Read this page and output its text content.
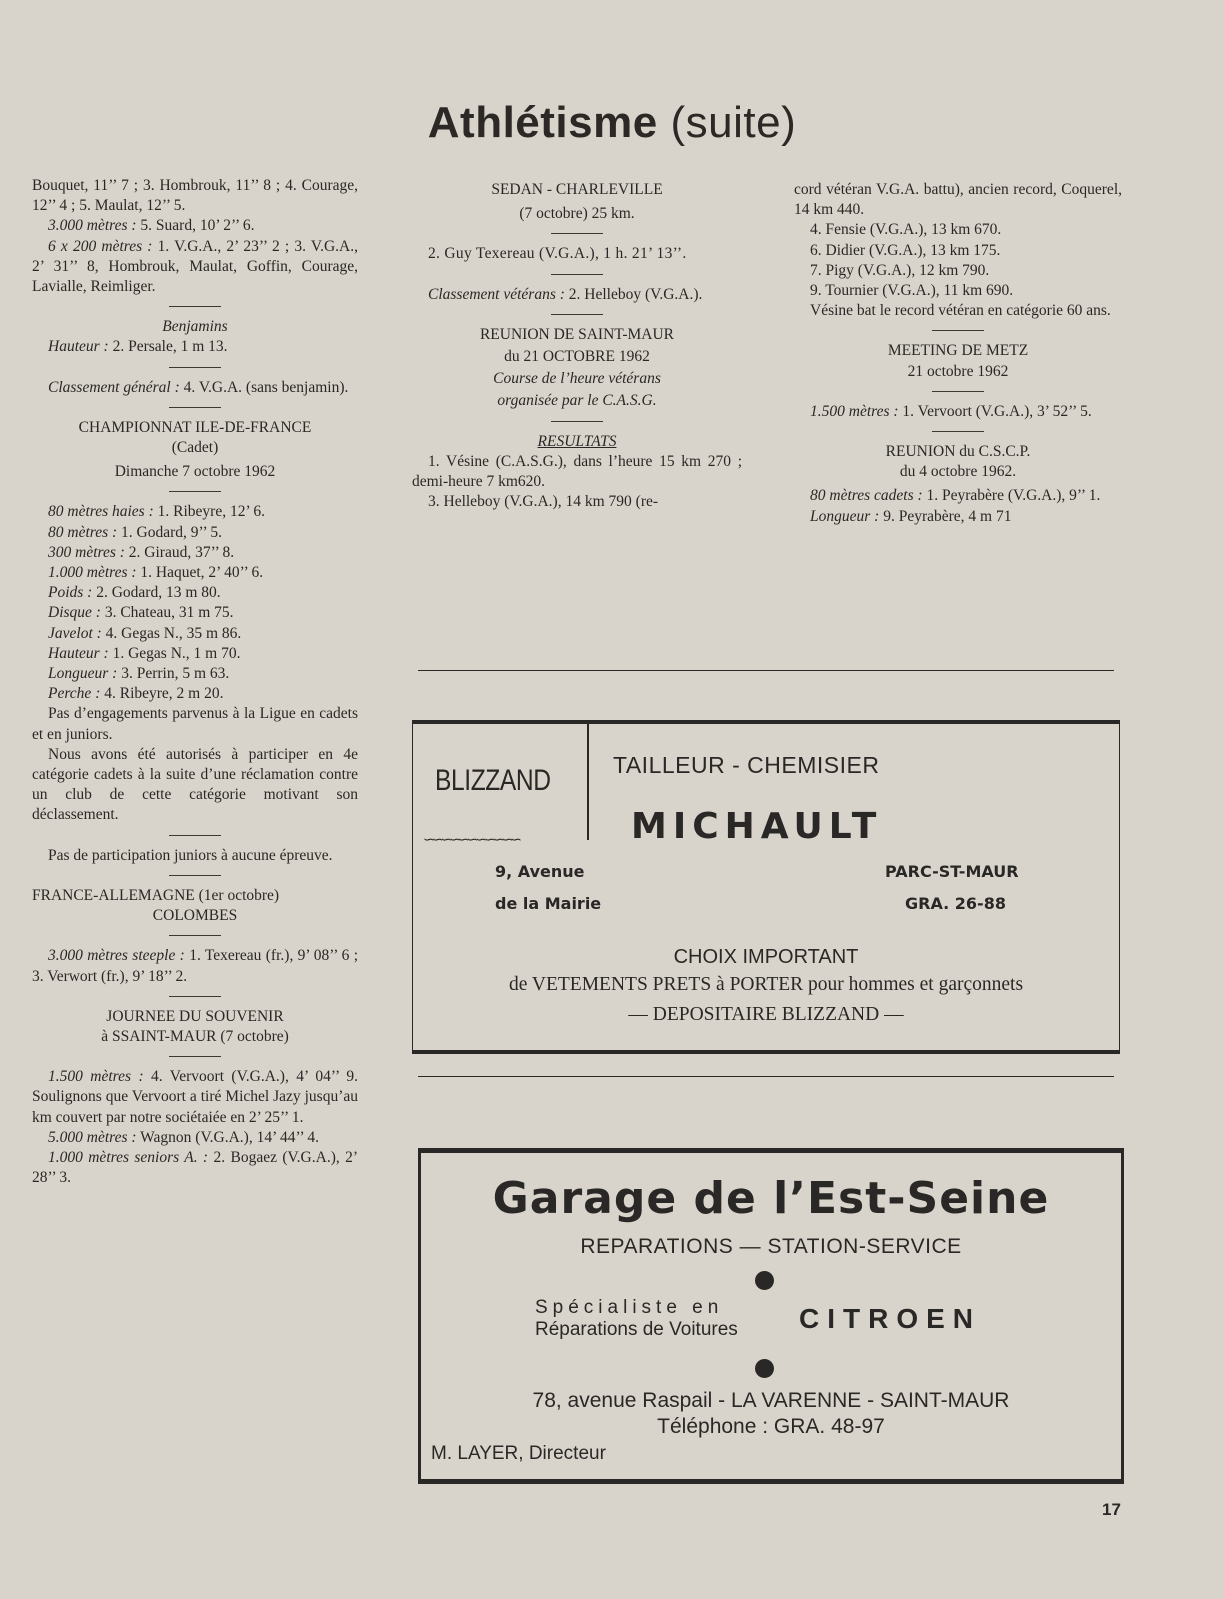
Athlétisme (suite)

Bouquet, 11’’ 7 ; 3. Hombrouk, 11’’ 8 ; 4. Courage, 12’’ 4 ; 5. Maulat, 12’’ 5.

3.000 mètres : 5. Suard, 10’ 2’’ 6.

6 x 200 mètres : 1. V.G.A., 2’ 23’’ 2 ; 3. V.G.A., 2’ 31’’ 8, Hombrouk, Maulat, Goffin, Courage, Lavialle, Reimliger.

Benjamins

Hauteur : 2. Persale, 1 m 13.

Classement général : 4. V.G.A. (sans benjamin).

CHAMPIONNAT ILE-DE-FRANCE

(Cadet)

Dimanche 7 octobre 1962

80 mètres haies : 1. Ribeyre, 12’ 6.

80 mètres : 1. Godard, 9’’ 5.

300 mètres : 2. Giraud, 37’’ 8.

1.000 mètres : 1. Haquet, 2’ 40’’ 6.

Poids : 2. Godard, 13 m 80.

Disque : 3. Chateau, 31 m 75.

Javelot : 4. Gegas N., 35 m 86.

Hauteur : 1. Gegas N., 1 m 70.

Longueur : 3. Perrin, 5 m 63.

Perche : 4. Ribeyre, 2 m 20.

Pas d’engagements parvenus à la Ligue en cadets et en juniors.

Nous avons été autorisés à participer en 4e catégorie cadets à la suite d’une réclamation contre un club de cette catégorie motivant son déclassement.

Pas de participation juniors à aucune épreuve.

FRANCE-ALLEMAGNE (1er octobre)

COLOMBES

3.000 mètres steeple : 1. Texereau (fr.), 9’ 08’’ 6 ; 3. Verwort (fr.), 9’ 18’’ 2.

JOURNEE DU SOUVENIR

à SSAINT-MAUR (7 octobre)

1.500 mètres : 4. Vervoort (V.G.A.), 4’ 04’’ 9. Soulignons que Vervoort a tiré Michel Jazy jusqu’au km couvert par notre sociétaiée en 2’ 25’’ 1.

5.000 mètres : Wagnon (V.G.A.), 14’ 44’’ 4.

1.000 mètres seniors A. : 2. Bogaez (V.G.A.), 2’ 28’’ 3.

SEDAN - CHARLEVILLE

(7 octobre) 25 km.

2. Guy Texereau (V.G.A.), 1 h. 21’ 13’’.

Classement vétérans : 2. Helleboy (V.G.A.).

REUNION DE SAINT-MAUR

du 21 OCTOBRE 1962

Course de l’heure vétérans

organisée par le C.A.S.G.

RESULTATS

1. Vésine (C.A.S.G.), dans l’heure 15 km 270 ; demi-heure 7 km620.

3. Helleboy (V.G.A.), 14 km 790 (re-

cord vétéran V.G.A. battu), ancien record, Coquerel, 14 km 440.

4. Fensie (V.G.A.), 13 km 670.

6. Didier (V.G.A.), 13 km 175.

7. Pigy (V.G.A.), 12 km 790.

9. Tournier (V.G.A.), 11 km 690.

Vésine bat le record vétéran en catégorie 60 ans.

MEETING DE METZ

21 octobre 1962

1.500 mètres : 1. Vervoort (V.G.A.), 3’ 52’’ 5.

REUNION du C.S.C.P.

du 4 octobre 1962.

80 mètres cadets : 1. Peyrabère (V.G.A.), 9’’ 1.

Longueur : 9. Peyrabère, 4 m 71

BLIZZAND
∽∽∽∽∽∽∽∽∽∽∽
TAILLEUR - CHEMISIER
MICHAULT
9, Avenue
de la Mairie
PARC-ST-MAUR
GRA. 26-88
CHOIX IMPORTANT
de VETEMENTS PRETS à PORTER pour hommes et garçonnets
— DEPOSITAIRE BLIZZAND —
Garage de l’Est-Seine
REPARATIONS — STATION-SERVICE
Spécialiste en
Réparations de Voitures CITROEN
78, avenue Raspail - LA VARENNE - SAINT-MAUR
Téléphone : GRA. 48-97
M. LAYER, Directeur
17
